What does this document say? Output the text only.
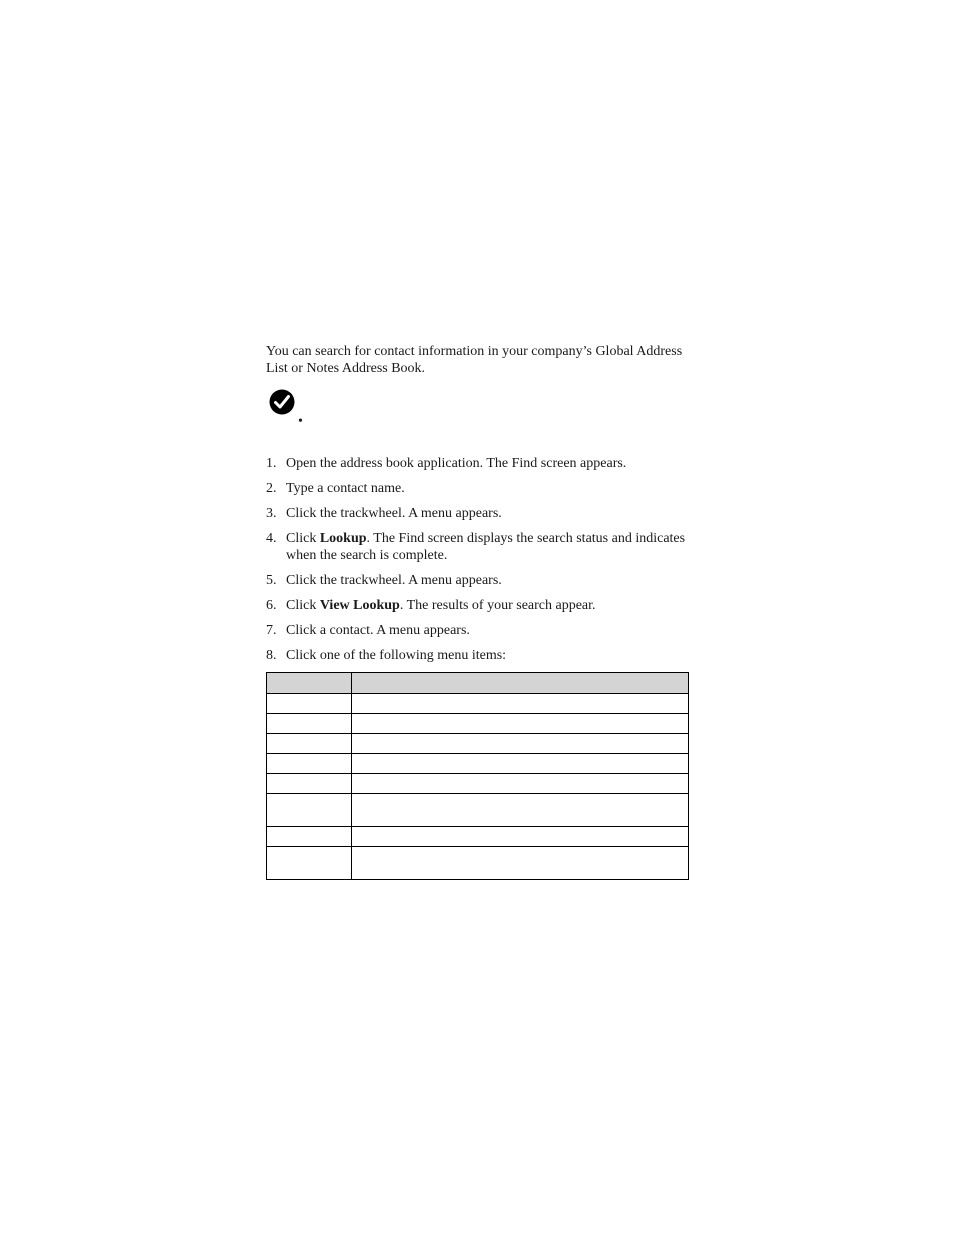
You can search for contact information in your company’s Global Address List or Notes Address Book.

•
1. Open the address book application. The Find screen appears.
2. Type a contact name.
3. Click the trackwheel. A menu appears.
4. Click Lookup. The Find screen displays the search status and indicates when the search is complete.
5. Click the trackwheel. A menu appears.
6. Click View Lookup. The results of your search appear.
7. Click a contact. A menu appears.
8. Click one of the following menu items:
